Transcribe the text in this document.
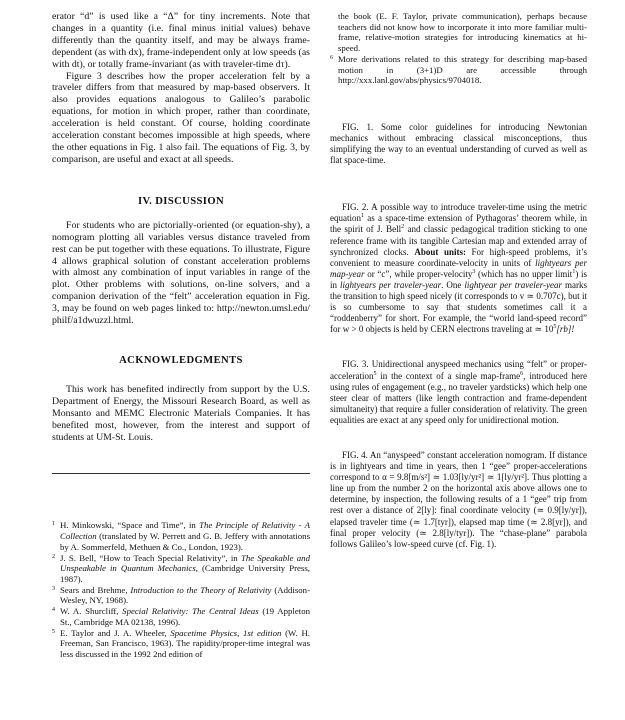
erator “d” is used like a “Δ” for tiny increments. Note that changes in a quantity (i.e. final minus initial values) behave differently than the quantity itself, and may be always frame-dependent (as with dx), frame-independent only at low speeds (as with dt), or totally frame-invariant (as with traveler-time dτ).

Figure 3 describes how the proper acceleration felt by a traveler differs from that measured by map-based observers. It also provides equations analogous to Galileo’s parabolic equations, for motion in which proper, rather than coordinate, acceleration is held constant. Of course, holding coordinate acceleration constant becomes impossible at high speeds, where the other equations in Fig. 1 also fail. The equations of Fig. 3, by comparison, are useful and exact at all speeds.

IV. DISCUSSION

For students who are pictorially-oriented (or equation-shy), a nomogram plotting all variables versus distance traveled from rest can be put together with these equations. To illustrate, Figure 4 allows graphical solution of constant acceleration problems with almost any combination of input variables in range of the plot. Other problems with solutions, on-line solvers, and a companion derivation of the “felt” acceleration equation in Fig. 3, may be found on web pages linked to: http://newton.umsl.edu/ philf/a1dwuzzl.html.

ACKNOWLEDGMENTS

This work has benefited indirectly from support by the U.S. Department of Energy, the Missouri Research Board, as well as Monsanto and MEMC Electronic Materials Companies. It has benefited most, however, from the interest and support of students at UM-St. Louis.

1 H. Minkowski, “Space and Time”, in The Principle of Relativity - A Collection (translated by W. Perrett and G. B. Jeffery with annotations by A. Sommerfeld, Methuen & Co., London, 1923).
2 J. S. Bell, “How to Teach Special Relativity”, in The Speakable and Unspeakable in Quantum Mechanics, (Cambridge University Press, 1987).
3 Sears and Brehme, Introduction to the Theory of Relativity (Addison-Wesley, NY, 1968).
4 W. A. Shurcliff, Special Relativity: The Central Ideas (19 Appleton St., Cambridge MA 02138, 1996).
5 E. Taylor and J. A. Wheeler, Spacetime Physics, 1st edition (W. H. Freeman, San Francisco, 1963). The rapidity/proper-time integral was less discussed in the 1992 2nd edition of
the book (E. F. Taylor, private communication), perhaps because teachers did not know how to incorporate it into more familiar multi-frame, relative-motion strategies for introducing kinematics at hi-speed.
6 More derivations related to this strategy for describing map-based motion in (3+1)D are accessible through http://xxx.lanl.gov/abs/physics/9704018.
FIG. 1. Some color guidelines for introducing Newtonian mechanics without embracing classical misconceptions, thus simplifying the way to an eventual understanding of curved as well as flat space-time.
FIG. 2. A possible way to introduce traveler-time using the metric equation$^1$ as a space-time extension of Pythagoras’ theorem while, in the spirit of J. Bell$^2$ and classic pedagogical tradition sticking to one reference frame with its tangible Cartesian map and extended array of synchronized clocks. About units: For high-speed problems, it’s convenient to measure coordinate-velocity in units of lightyears per map-year or “c”, while proper-velocity$^3$ (which has no upper limit$^1$) is in lightyears per traveler-year. One lightyear per traveler-year marks the transition to high speed nicely (it corresponds to v ≃ 0.707c), but it is so cumbersome to say that students sometimes call it a “roddenberry” for short. For example, the “world land-speed record” for w > 0 objects is held by CERN electrons traveling at ≃ $10^5[rb]$!
FIG. 3. Unidirectional anyspeed mechanics using “felt” or proper-acceleration$^5$ in the context of a single map-frame$^6$, introduced here using rules of engagement (e.g., no traveler yardsticks) which help one steer clear of matters (like length contraction and frame-dependent simultaneity) that require a fuller consideration of relativity. The green equalities are exact at any speed only for unidirectional motion.
FIG. 4. An “anyspeed” constant acceleration nomogram. If distance is in lightyears and time in years, then 1 “gee” proper-accelerations correspond to α = 9.8[m/s²] ≃ 1.03[ly/yr²] ≃ 1[ly/yr²]. Thus plotting a line up from the number 2 on the horizontal axis above allows one to determine, by inspection, the following results of a 1 “gee” trip from rest over a distance of 2[ly]: final coordinate velocity (≃ 0.9[ly/yr]), elapsed traveler time (≃ 1.7[tyr]), elapsed map time (≃ 2.8[yr]), and final proper velocity (≃ 2.8[ly/tyr]). The “chase-plane” parabola follows Galileo’s low-speed curve (cf. Fig. 1).
